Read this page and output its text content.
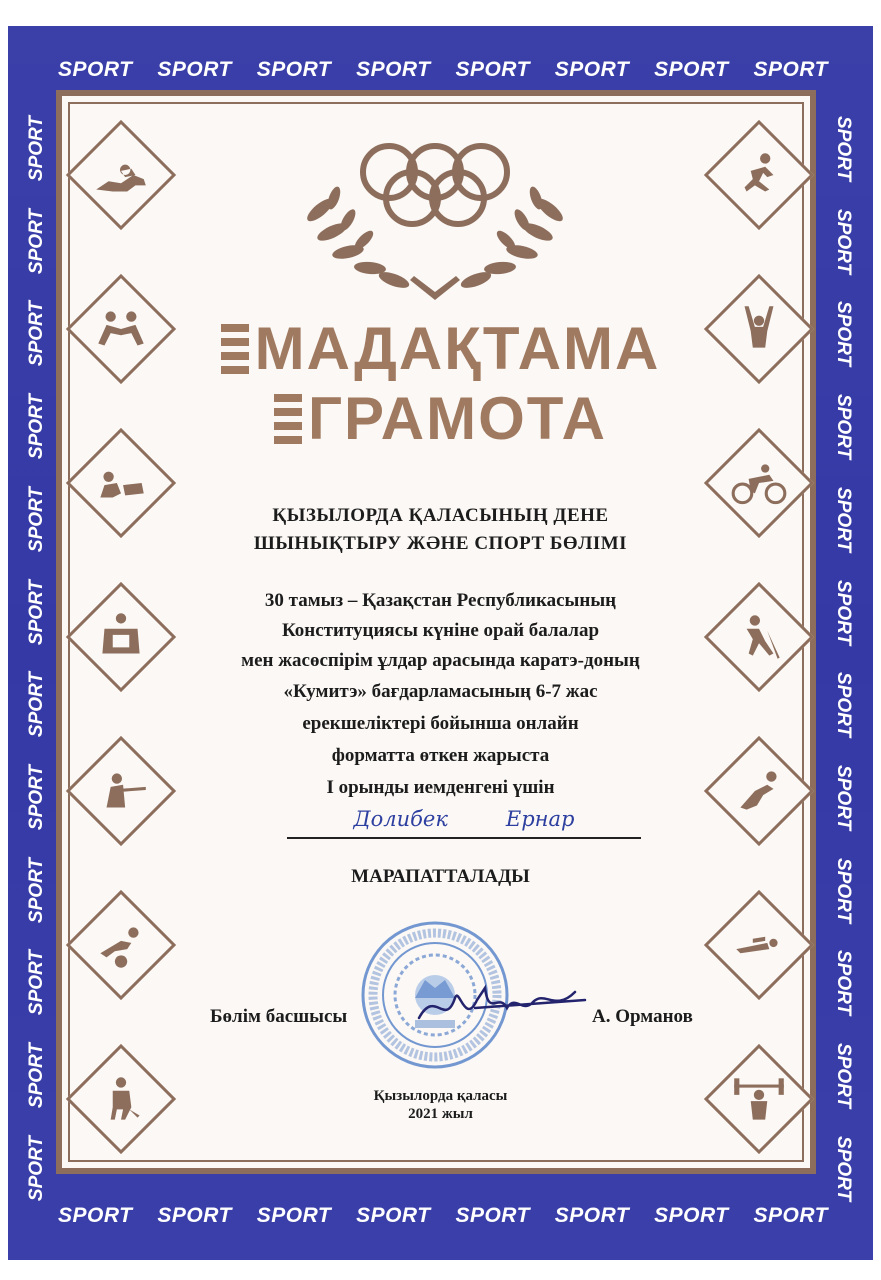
SPORT SPORT SPORT SPORT SPORT SPORT SPORT SPORT
SPORT SPORT SPORT SPORT SPORT SPORT SPORT SPORT
SPORT
SPORT
SPORT
SPORT
SPORT
SPORT
SPORT
SPORT
SPORT
SPORT
SPORT
SPORT
SPORT
SPORT
SPORT
SPORT
SPORT
SPORT
SPORT
SPORT
SPORT
SPORT
SPORT
SPORT
МАДАҚТАМА
ГРАМОТА
ҚЫЗЫЛОРДА ҚАЛАСЫНЫҢ ДЕНЕ
ШЫНЫҚТЫРУ ЖӘНЕ СПОРТ БӨЛІМІ
30 тамыз – Қазақстан Республикасының
Конституциясы күніне орай балалар
мен жасөспірім ұлдар арасында каратэ-доның
«Кумитэ» бағдарламасының 6-7 жас
ерекшеліктері бойынша онлайн
форматта өткен жарыста
I орынды иемденгені үшін
Долибек	Ернар
МАРАПАТТАЛАДЫ
Бөлім басшысы	А. Орманов
Қызылорда қаласы
2021 жыл
